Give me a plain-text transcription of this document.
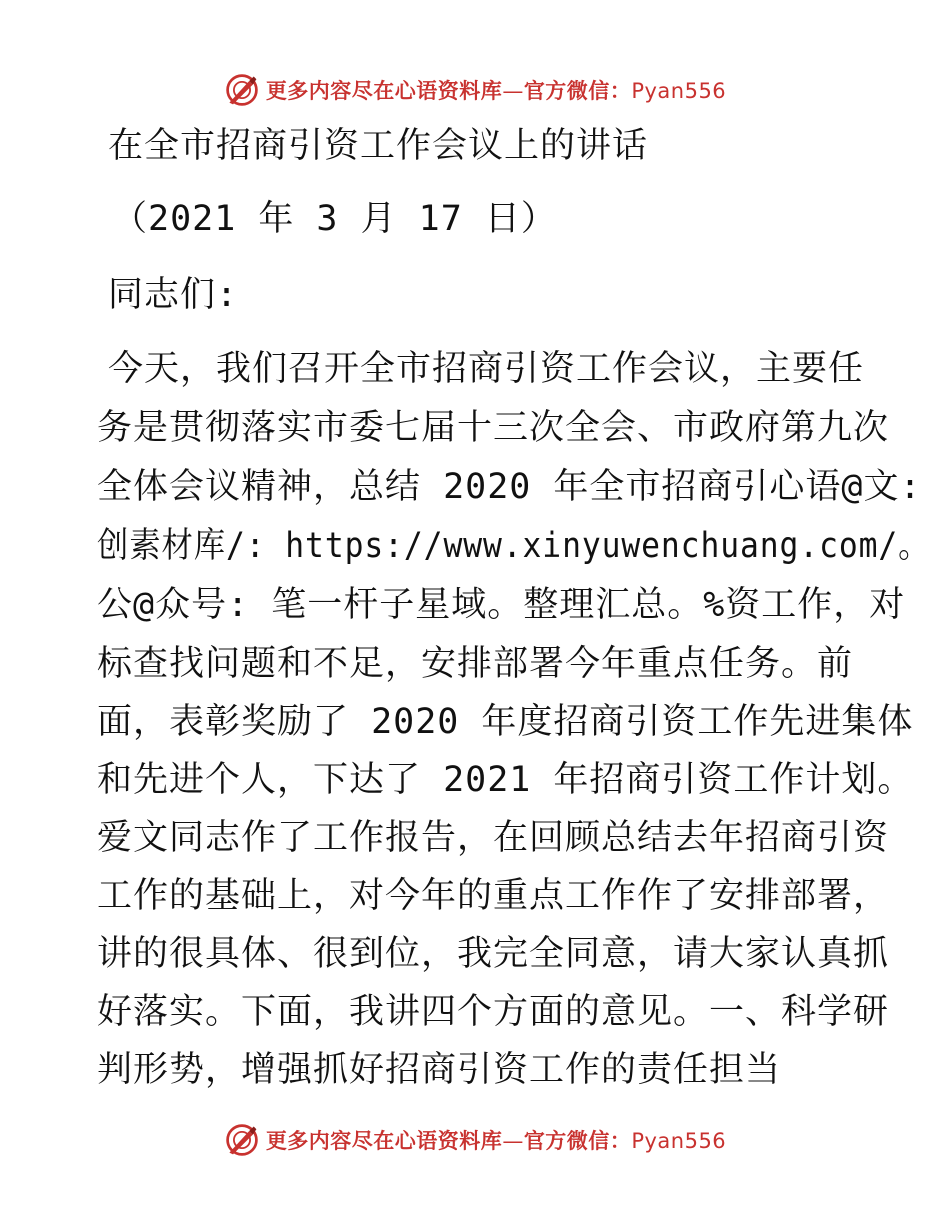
更多内容尽在心语资料库—官方微信：Pyan556
在全市招商引资工作会议上的讲话
（2021 年 3 月 17 日）
同志们:
今天，我们召开全市招商引资工作会议，主要任
务是贯彻落实市委七届十三次全会、市政府第九次
全体会议精神，总结 2020 年全市招商引心语@文:
创素材库/: https://www.xinyuwenchuang.com/。
公@众号: 笔一杆子星域。整理汇总。%资工作，对
标查找问题和不足，安排部署今年重点任务。前
面，表彰奖励了 2020 年度招商引资工作先进集体
和先进个人，下达了 2021 年招商引资工作计划。
爱文同志作了工作报告，在回顾总结去年招商引资
工作的基础上，对今年的重点工作作了安排部署，
讲的很具体、很到位，我完全同意，请大家认真抓
好落实。下面，我讲四个方面的意见。一、科学研
判形势，增强抓好招商引资工作的责任担当
更多内容尽在心语资料库—官方微信：Pyan556
